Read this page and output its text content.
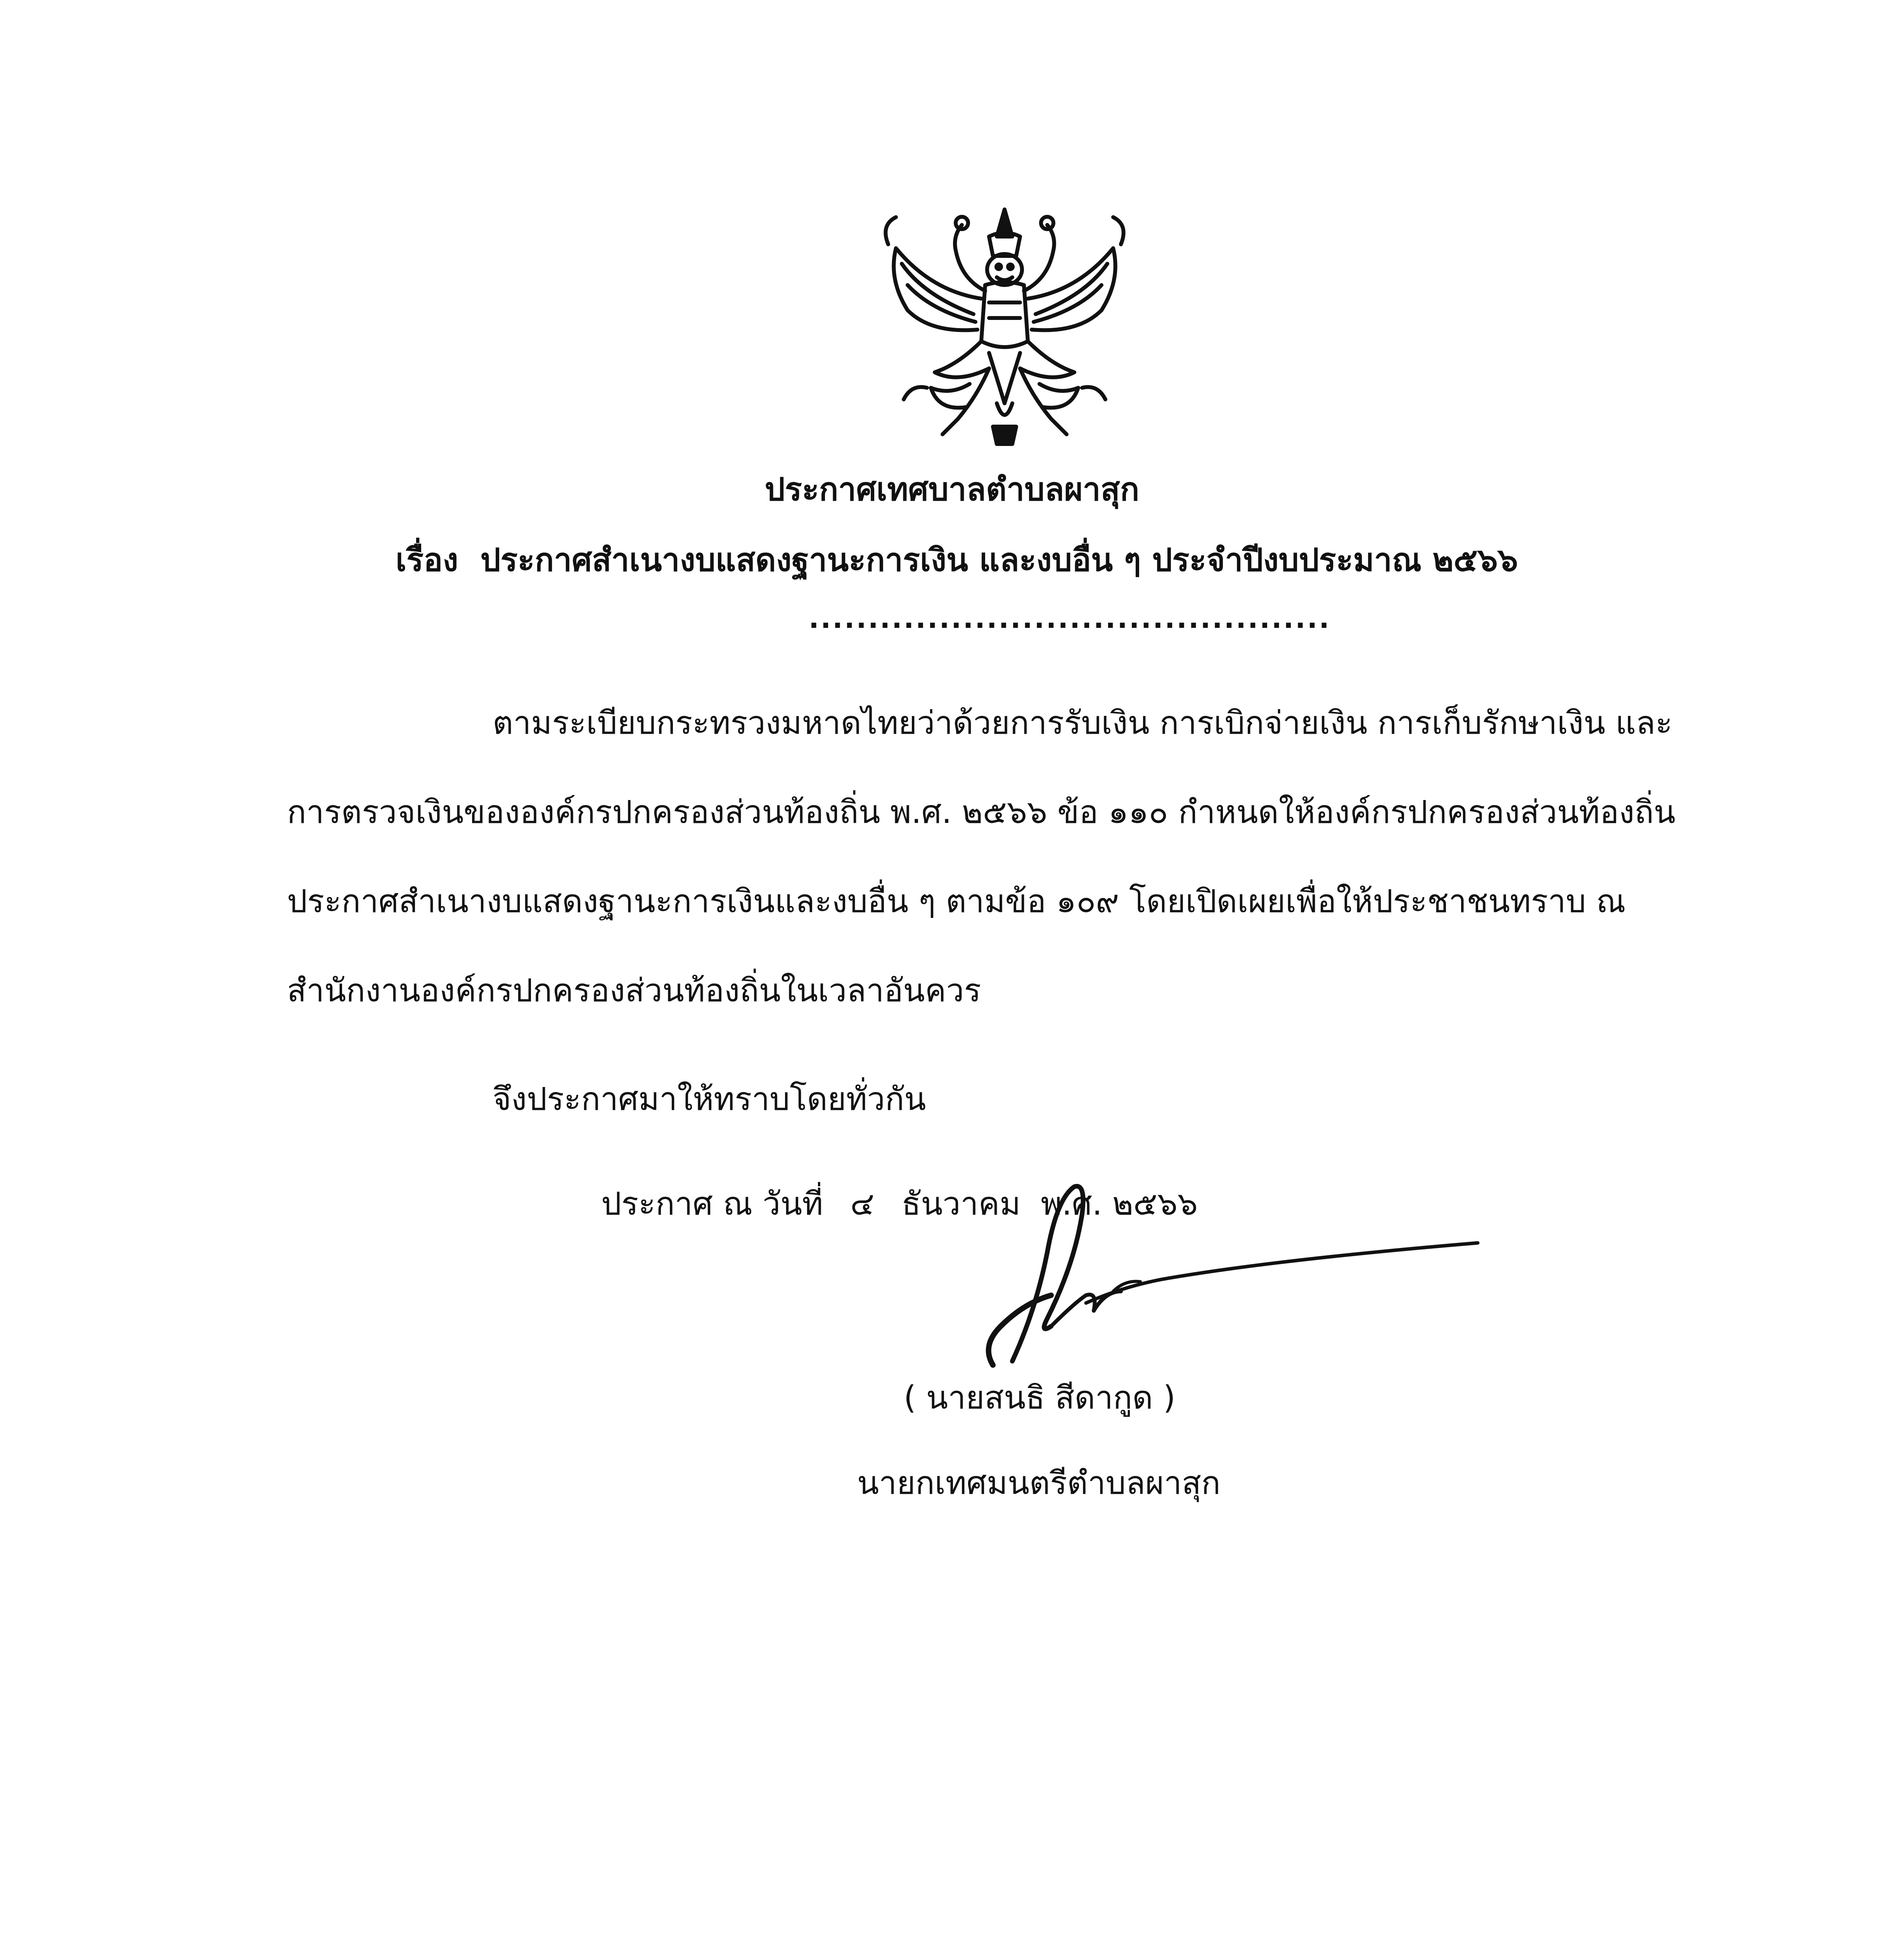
ประกาศเทศบาลตำบลผาสุก
เรื่อง ประกาศสำเนางบแสดงฐานะการเงิน และงบอื่น ๆ ประจำปีงบประมาณ ๒๕๖๖
............................................
ตามระเบียบกระทรวงมหาดไทยว่าด้วยการรับเงิน การเบิกจ่ายเงิน การเก็บรักษาเงิน และ
การตรวจเงินขององค์กรปกครองส่วนท้องถิ่น พ.ศ. ๒๕๖๖ ข้อ ๑๑๐ กำหนดให้องค์กรปกครองส่วนท้องถิ่น
ประกาศสำเนางบแสดงฐานะการเงินและงบอื่น ๆ ตามข้อ ๑๐๙ โดยเปิดเผยเพื่อให้ประชาชนทราบ ณ
สำนักงานองค์กรปกครองส่วนท้องถิ่นในเวลาอันควร
จึงประกาศมาให้ทราบโดยทั่วกัน
ประกาศ ณ วันที่ ๔ ธันวาคม พ.ศ. ๒๕๖๖
( นายสนธิ สีดากูด )
นายกเทศมนตรีตำบลผาสุก
